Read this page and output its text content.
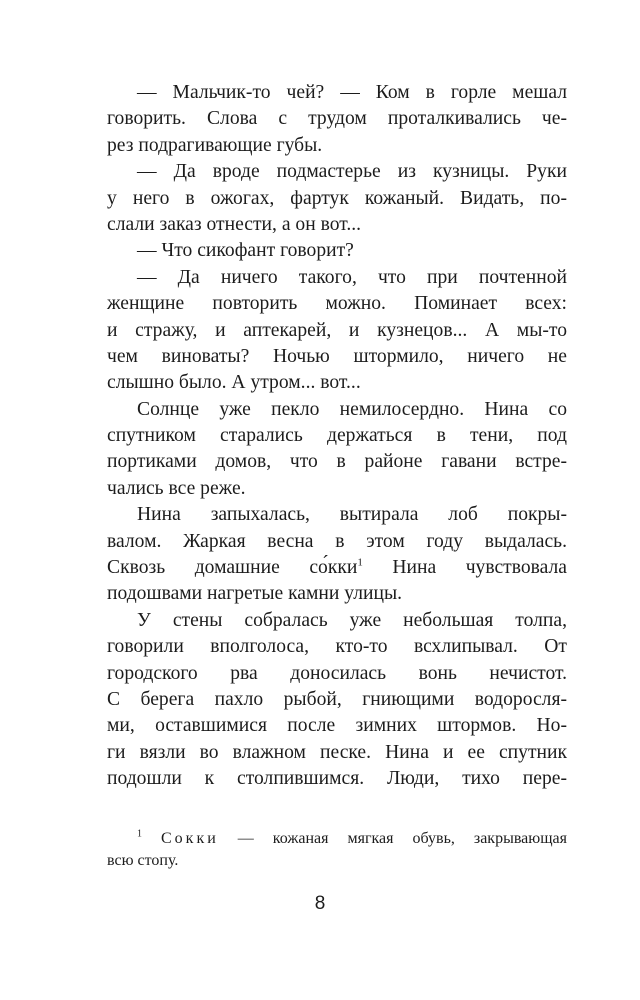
— Мальчик-то чей? — Ком в горле мешал
говорить. Слова с трудом проталкивались че-
рез подрагивающие губы.
— Да вроде подмастерье из кузницы. Руки
у него в ожогах, фартук кожаный. Видать, по-
слали заказ отнести, а он вот...
— Что сикофант говорит?
— Да ничего такого, что при почтенной
женщине повторить можно. Поминает всех:
и стражу, и аптекарей, и кузнецов... А мы-то
чем виноваты? Ночью штормило, ничего не
слышно было. А утром... вот...
Солнце уже пекло немилосердно. Нина со
спутником старались держаться в тени, под
портиками домов, что в районе гавани встре-
чались все реже.
Нина запыхалась, вытирала лоб покры-
валом. Жаркая весна в этом году выдалась.
Сквозь домашние со́кки$^1$ Нина чувствовала
подошвами нагретые камни улицы.
У стены собралась уже небольшая толпа,
говорили вполголоса, кто-то всхлипывал. От
городского рва доносилась вонь нечистот.
С берега пахло рыбой, гниющими водоросля-
ми, оставшимися после зимних штормов. Но-
ги вязли во влажном песке. Нина и ее спутник
подошли к столпившимся. Люди, тихо пере-
$^1$ Сокки — кожаная мягкая обувь, закрывающая
всю стопу.
8
